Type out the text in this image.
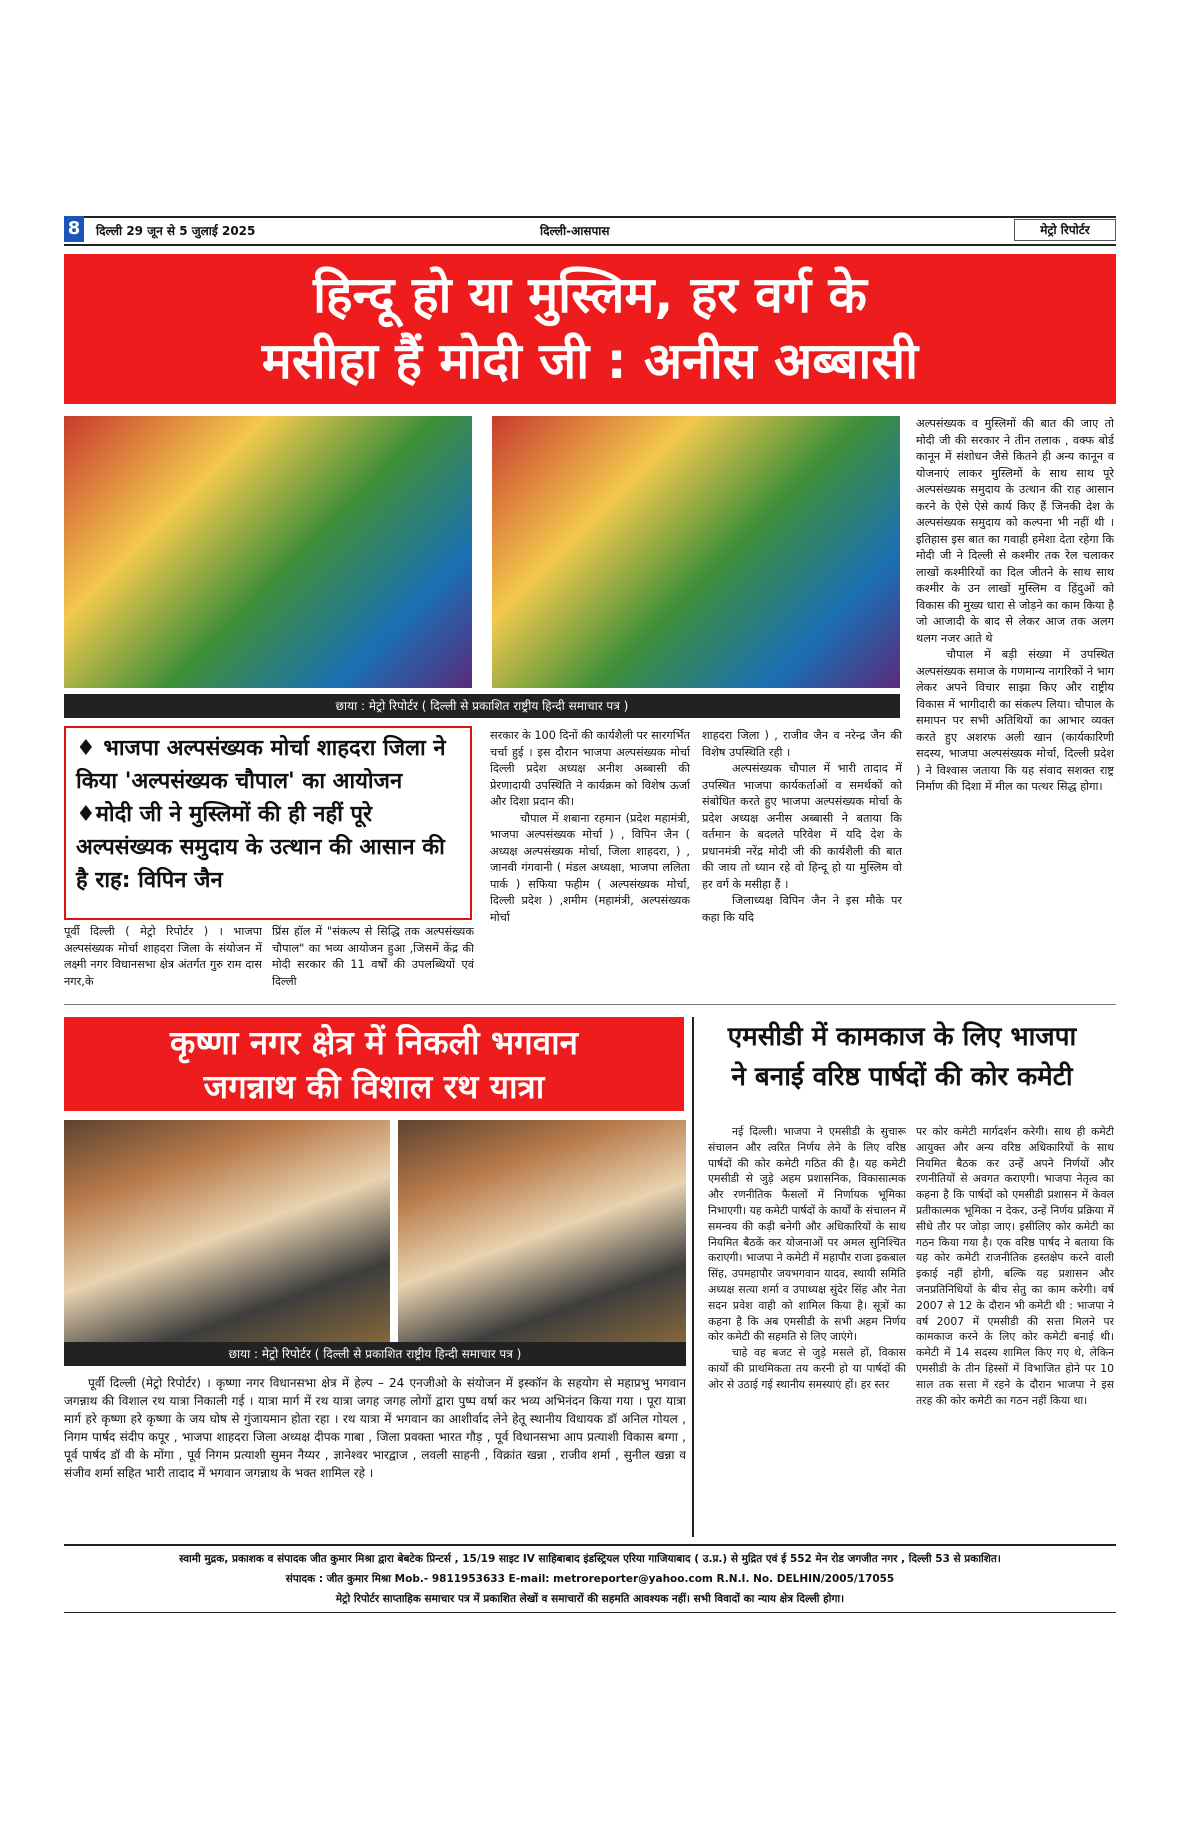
8	दिल्ली 29 जून से 5 जुलाई 2025	दिल्ली-आसपास	मेट्रो रिपोर्टर
हिन्दू हो या मुस्लिम, हर वर्ग के
मसीहा हैं मोदी जी : अनीस अब्बासी
छाया : मेट्रो रिपोर्टर ( दिल्ली से प्रकाशित राष्ट्रीय हिन्दी समाचार पत्र )

अल्पसंख्यक व मुस्लिमों की बात की जाए तो मोदी जी की सरकार ने तीन तलाक , वक्फ बोर्ड कानून में संशोधन जैसे कितने ही अन्य कानून व योजनाएं लाकर मुस्लिमों के साथ साथ पूरे अल्पसंख्यक समुदाय के उत्थान की राह आसान करने के ऐसे ऐसे कार्य किए हैं जिनकी देश के अल्पसंख्यक समुदाय को कल्पना भी नहीं थी । इतिहास इस बात का गवाही हमेशा देता रहेगा कि मोदी जी ने दिल्ली से कश्मीर तक रेल चलाकर लाखों कश्मीरियों का दिल जीतने के साथ साथ कश्मीर के उन लाखों मुस्लिम व हिंदुओं को विकास की मुख्य धारा से जोड़ने का काम किया है जो आजादी के बाद से लेकर आज तक अलग थलग नजर आते थे

चौपाल में बड़ी संख्या में उपस्थित अल्पसंख्यक समाज के गणमान्य नागरिकों ने भाग लेकर अपने विचार साझा किए और राष्ट्रीय विकास में भागीदारी का संकल्प लिया। चौपाल के समापन पर सभी अतिथियों का आभार व्यक्त करते हुए अशरफ अली खान (कार्यकारिणी सदस्य, भाजपा अल्पसंख्यक मोर्चा, दिल्ली प्रदेश ) ने विश्वास जताया कि यह संवाद सशक्त राष्ट्र निर्माण की दिशा में मील का पत्थर सिद्ध होगा।

♦ भाजपा अल्पसंख्यक मोर्चा शाहदरा जिला ने किया 'अल्पसंख्यक चौपाल' का आयोजन
♦मोदी जी ने मुस्लिमों की ही नहीं पूरे अल्पसंख्यक समुदाय के उत्थान की आसान की है राह: विपिन जैन

सरकार के 100 दिनों की कार्यशैली पर सारगर्भित चर्चा हुई । इस दौरान भाजपा अल्पसंख्यक मोर्चा दिल्ली प्रदेश अध्यक्ष अनीश अब्बासी की प्रेरणादायी उपस्थिति ने कार्यक्रम को विशेष ऊर्जा और दिशा प्रदान की।

चौपाल में शबाना रहमान (प्रदेश महामंत्री, भाजपा अल्पसंख्यक मोर्चा ) , विपिन जैन ( अध्यक्ष अल्पसंख्यक मोर्चा, जिला शाहदरा, ) , जानवी गंगवानी ( मंडल अध्यक्षा, भाजपा ललिता पार्क ) सफिया फहीम ( अल्पसंख्यक मोर्चा, दिल्ली प्रदेश ) ,शमीम (महामंत्री, अल्पसंख्यक मोर्चा

शाहदरा जिला ) , राजीव जैन व नरेन्द्र जैन की विशेष उपस्थिति रही ।

अल्पसंख्यक चौपाल में भारी तादाद में उपस्थित भाजपा कार्यकर्ताओं व समर्थकों को संबोधित करते हुए भाजपा अल्पसंख्यक मोर्चा के प्रदेश अध्यक्ष अनीस अब्बासी ने बताया कि वर्तमान के बदलते परिवेश में यदि देश के प्रधानमंत्री नरेंद्र मोदी जी की कार्यशैली की बात की जाय तो ध्यान रहे वो हिन्दू हो या मुस्लिम वो हर वर्ग के मसीहा हैं ।

जिलाध्यक्ष विपिन जैन ने इस मौके पर कहा कि यदि

पूर्वी दिल्ली ( मेट्रो रिपोर्टर ) । भाजपा अल्पसंख्यक मोर्चा शाहदरा जिला के संयोजन में लक्ष्मी नगर विधानसभा क्षेत्र अंतर्गत गुरु राम दास नगर,के

प्रिंस हॉल में "संकल्प से सिद्धि तक अल्पसंख्यक चौपाल" का भव्य आयोजन हुआ ,जिसमें केंद्र की मोदी सरकार की 11 वर्षों की उपलब्धियों एवं दिल्ली

कृष्णा नगर क्षेत्र में निकली भगवान
जगन्नाथ की विशाल रथ यात्रा
छाया : मेट्रो रिपोर्टर ( दिल्ली से प्रकाशित राष्ट्रीय हिन्दी समाचार पत्र )
पूर्वी दिल्ली (मेट्रो रिपोर्टर) । कृष्णा नगर विधानसभा क्षेत्र में हेल्प – 24 एनजीओ के संयोजन में इस्कॉन के सहयोग से महाप्रभु भगवान जगन्नाथ की विशाल रथ यात्रा निकाली गई । यात्रा मार्ग में रथ यात्रा जगह जगह लोगों द्वारा पुष्प वर्षा कर भव्य अभिनंदन किया गया । पूरा यात्रा मार्ग हरे कृष्णा हरे कृष्णा के जय घोष से गुंजायमान होता रहा । रथ यात्रा में भगवान का आशीर्वाद लेने हेतू स्थानीय विधायक डॉ अनिल गोयल , निगम पार्षद संदीप कपूर , भाजपा शाहदरा जिला अध्यक्ष दीपक गाबा , जिला प्रवक्ता भारत गौड़ , पूर्व विधानसभा आप प्रत्याशी विकास बग्गा , पूर्व पार्षद डॉ वी के मोंगा , पूर्व निगम प्रत्याशी सुमन नैय्यर , ज्ञानेश्वर भारद्वाज , लवली साहनी , विक्रांत खन्ना , राजीव शर्मा , सुनील खन्ना व संजीव शर्मा सहित भारी तादाद में भगवान जगन्नाथ के भक्त शामिल रहे ।
एमसीडी में कामकाज के लिए भाजपा
ने बनाई वरिष्ठ पार्षदों की कोर कमेटी

नई दिल्ली। भाजपा ने एमसीडी के सुचारू संचालन और त्वरित निर्णय लेने के लिए वरिष्ठ पार्षदों की कोर कमेटी गठित की है। यह कमेटी एमसीडी से जुड़े अहम प्रशासनिक, विकासात्मक और रणनीतिक फैसलों में निर्णायक भूमिका निभाएगी। यह कमेटी पार्षदों के कार्यों के संचालन में समन्वय की कड़ी बनेगी और अधिकारियों के साथ नियमित बैठकें कर योजनाओं पर अमल सुनिश्चित कराएगी। भाजपा ने कमेटी में महापौर राजा इकबाल सिंह, उपमहापौर जयभगवान यादव, स्थायी समिति अध्यक्ष सत्या शर्मा व उपाध्यक्ष सुंदेर सिंह और नेता सदन प्रवेश वाही को शामिल किया है। सूत्रों का कहना है कि अब एमसीडी के सभी अहम निर्णय कोर कमेटी की सहमति से लिए जाएंगे।

चाहे वह बजट से जुड़े मसले हों, विकास कार्यों की प्राथमिकता तय करनी हो या पार्षदों की ओर से उठाई गई स्थानीय समस्याएं हों। हर स्तर

पर कोर कमेटी मार्गदर्शन करेगी। साथ ही कमेटी आयुक्त और अन्य वरिष्ठ अधिकारियों के साथ नियमित बैठक कर उन्हें अपने निर्णयों और रणनीतियों से अवगत कराएगी। भाजपा नेतृत्व का कहना है कि पार्षदों को एमसीडी प्रशासन में केवल प्रतीकात्मक भूमिका न देकर, उन्हें निर्णय प्रक्रिया में सीधे तौर पर जोड़ा जाए। इसीलिए कोर कमेटी का गठन किया गया है। एक वरिष्ठ पार्षद ने बताया कि यह कोर कमेटी राजनीतिक हस्तक्षेप करने वाली इकाई नहीं होगी, बल्कि यह प्रशासन और जनप्रतिनिधियों के बीच सेतु का काम करेगी। वर्ष 2007 से 12 के दौरान भी कमेटी थी : भाजपा ने वर्ष 2007 में एमसीडी की सत्ता मिलने पर कामकाज करने के लिए कोर कमेटी बनाई थी। कमेटी में 14 सदस्य शामिल किए गए थे, लेकिन एमसीडी के तीन हिस्सों में विभाजित होने पर 10 साल तक सत्ता में रहने के दौरान भाजपा ने इस तरह की कोर कमेटी का गठन नहीं किया था।

स्वामी मुद्रक, प्रकाशक व संपादक जीत कुमार मिश्रा द्वारा बेबटेक प्रिन्टर्स , 15/19 साइट IV साहिबाबाद इंडस्ट्रियल एरिया गाजियाबाद ( उ.प्र.) से मुद्रित एवं ई 552 मेन रोड जगजीत नगर , दिल्ली 53 से प्रकाशित।
संपादक : जीत कुमार मिश्रा Mob.- 9811953633 E-mail: metroreporter@yahoo.com R.N.I. No. DELHIN/2005/17055
मेट्रो रिपोर्टर साप्ताहिक समाचार पत्र में प्रकाशित लेखों व समाचारों की सहमति आवश्यक नहीं। सभी विवादों का न्याय क्षेत्र दिल्ली होगा।
